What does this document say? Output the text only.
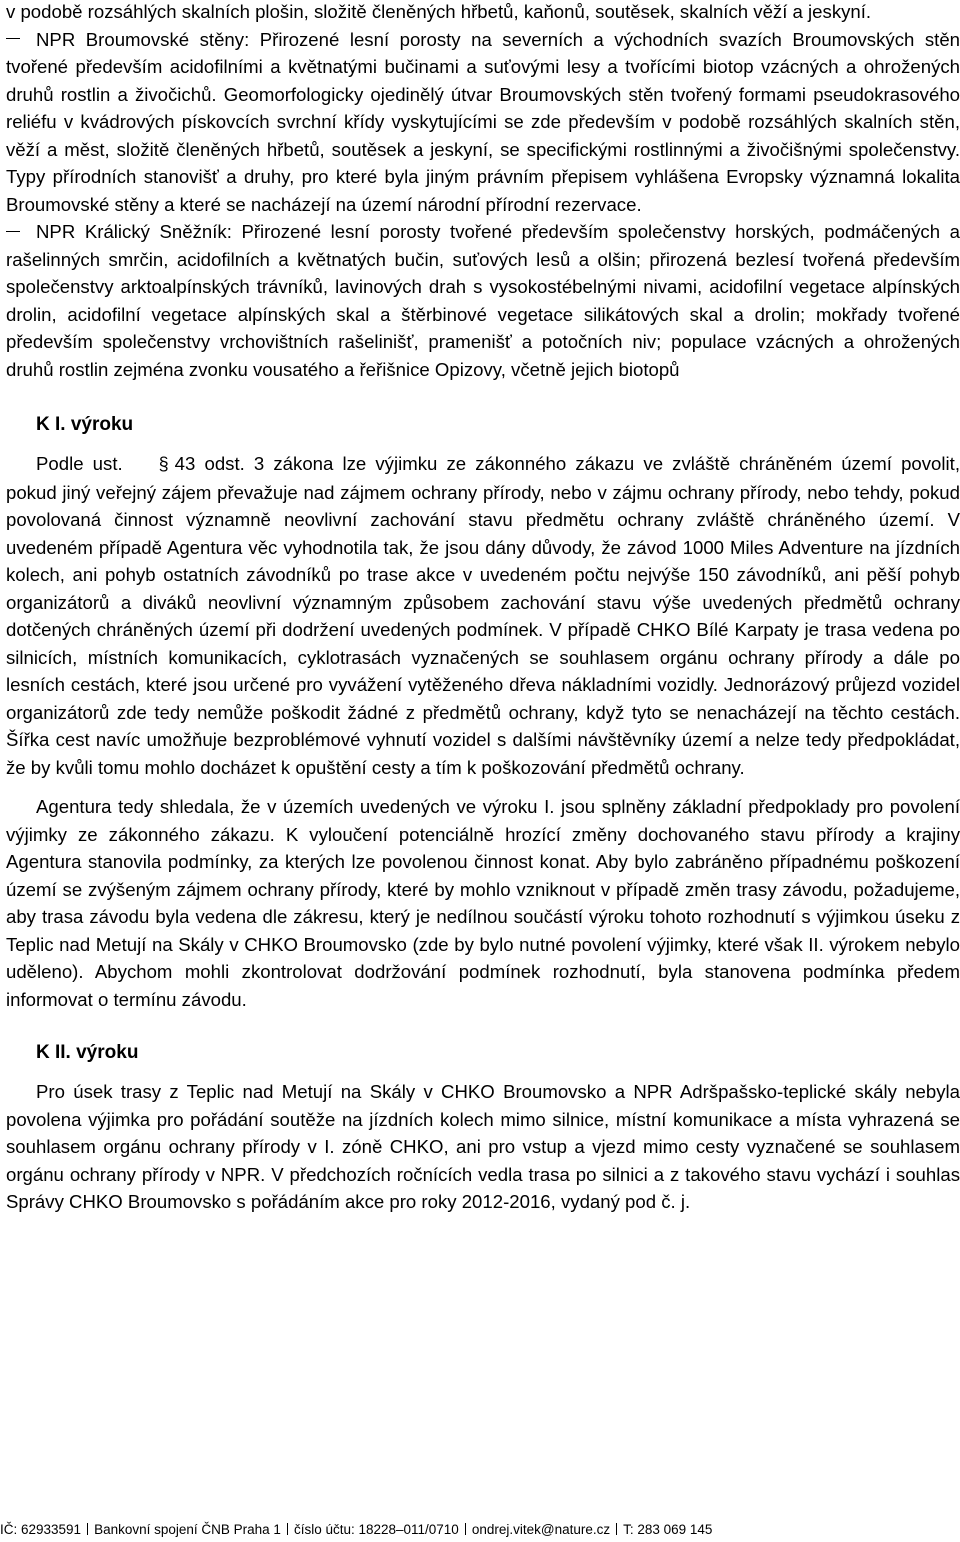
v podobě rozsáhlých skalních plošin, složitě členěných hřbetů, kaňonů, soutěsek, skalních věží a jeskyní.

NPR Broumovské stěny: Přirozené lesní porosty na severních a východních svazích Broumovských stěn tvořené především acidofilními a květnatými bučinami a suťovými lesy a tvořícími biotop vzácných a ohrožených druhů rostlin a živočichů. Geomorfologicky ojedinělý útvar Broumovských stěn tvořený formami pseudokrasového reliéfu v kvádrových pískovcích svrchní křídy vyskytujícími se zde především v podobě rozsáhlých skalních stěn, věží a měst, složitě členěných hřbetů, soutěsek a jeskyní, se specifickými rostlinnými a živočišnými společenstvy. Typy přírodních stanovišť a druhy, pro které byla jiným právním přepisem vyhlášena Evropsky významná lokalita Broumovské stěny a které se nacházejí na území národní přírodní rezervace.

NPR Králický Sněžník: Přirozené lesní porosty tvořené především společenstvy horských, podmáčených a rašelinných smrčin, acidofilních a květnatých bučin, suťových lesů a olšin; přirozená bezlesí tvořená především společenstvy arktoalpínských trávníků, lavinových drah s vysokostébelnými nivami, acidofilní vegetace alpínských drolin, acidofilní vegetace alpínských skal a štěrbinové vegetace silikátových skal a drolin; mokřady tvořené především společenstvy vrchovištních rašelinišť, pramenišť a potočních niv; populace vzácných a ohrožených druhů rostlin zejména zvonku vousatého a řeřišnice Opizovy, včetně jejich biotopů

K I. výroku

Podle ust. § 43 odst. 3 zákona lze výjimku ze zákonného zákazu ve zvláště chráněném území povolit, pokud jiný veřejný zájem převažuje nad zájmem ochrany přírody, nebo v zájmu ochrany přírody, nebo tehdy, pokud povolovaná činnost významně neovlivní zachování stavu předmětu ochrany zvláště chráněného území. V uvedeném případě Agentura věc vyhodnotila tak, že jsou dány důvody, že závod 1000 Miles Adventure na jízdních kolech, ani pohyb ostatních závodníků po trase akce v uvedeném počtu nejvýše 150 závodníků, ani pěší pohyb organizátorů a diváků neovlivní významným způsobem zachování stavu výše uvedených předmětů ochrany dotčených chráněných území při dodržení uvedených podmínek. V případě CHKO Bílé Karpaty je trasa vedena po silnicích, místních komunikacích, cyklotrasách vyznačených se souhlasem orgánu ochrany přírody a dále po lesních cestách, které jsou určené pro vyvážení vytěženého dřeva nákladními vozidly. Jednorázový průjezd vozidel organizátorů zde tedy nemůže poškodit žádné z předmětů ochrany, když tyto se nenacházejí na těchto cestách. Šířka cest navíc umožňuje bezproblémové vyhnutí vozidel s dalšími návštěvníky území a nelze tedy předpokládat, že by kvůli tomu mohlo docházet k opuštění cesty a tím k poškozování předmětů ochrany.

Agentura tedy shledala, že v územích uvedených ve výroku I. jsou splněny základní předpoklady pro povolení výjimky ze zákonného zákazu. K vyloučení potenciálně hrozící změny dochovaného stavu přírody a krajiny Agentura stanovila podmínky, za kterých lze povolenou činnost konat. Aby bylo zabráněno případnému poškození území se zvýšeným zájmem ochrany přírody, které by mohlo vzniknout v případě změn trasy závodu, požadujeme, aby trasa závodu byla vedena dle zákresu, který je nedílnou součástí výroku tohoto rozhodnutí s výjimkou úseku z Teplic nad Metují na Skály v CHKO Broumovsko (zde by bylo nutné povolení výjimky, které však II. výrokem nebylo uděleno). Abychom mohli zkontrolovat dodržování podmínek rozhodnutí, byla stanovena podmínka předem informovat o termínu závodu.

K II. výroku

Pro úsek trasy z Teplic nad Metují na Skály v CHKO Broumovsko a NPR Adršpašsko-teplické skály nebyla povolena výjimka pro pořádání soutěže na jízdních kolech mimo silnice, místní komunikace a místa vyhrazená se souhlasem orgánu ochrany přírody v I. zóně CHKO, ani pro vstup a vjezd mimo cesty vyznačené se souhlasem orgánu ochrany přírody v NPR. V předchozích ročnících vedla trasa po silnici a z takového stavu vychází i souhlas Správy CHKO Broumovsko s pořádáním akce pro roky 2012-2016, vydaný pod č. j.

IČ: 62933591 Bankovní spojení ČNB Praha 1 číslo účtu: 18228–011/0710 ondrej.vitek@nature.cz T: 283 069 145
